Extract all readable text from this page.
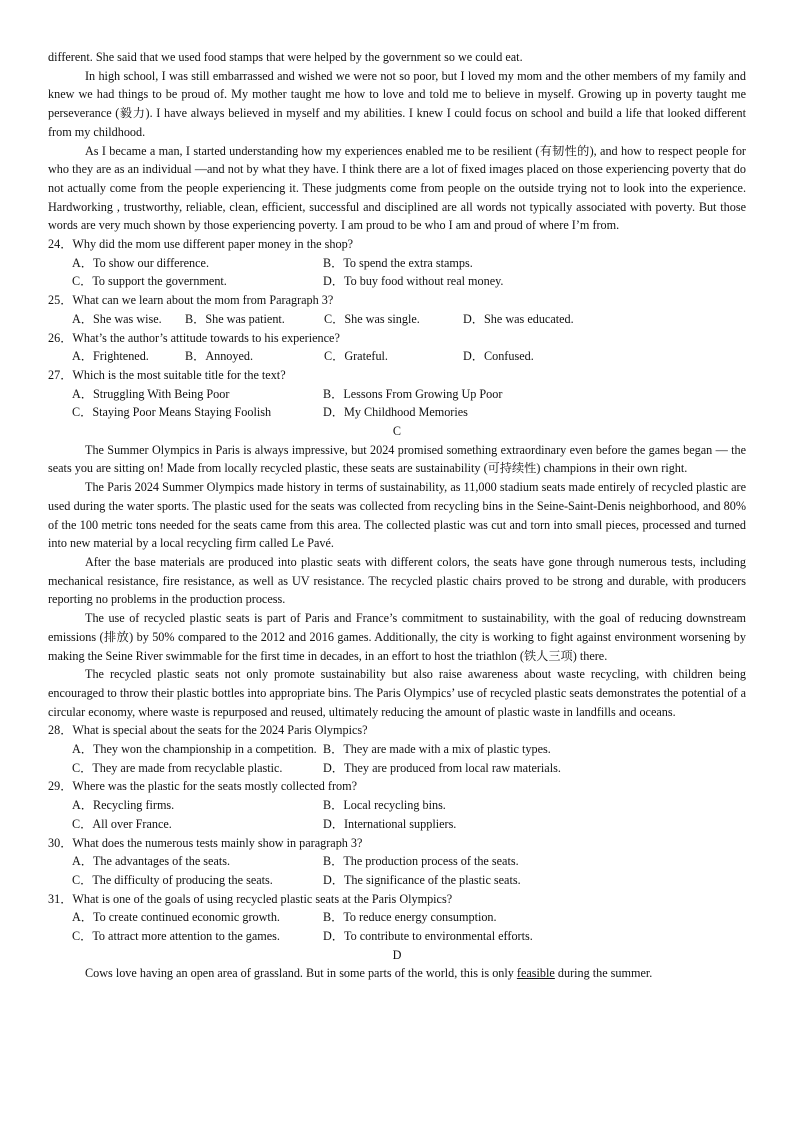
different. She said that we used food stamps that were helped by the government so we could eat.

In high school, I was still embarrassed and wished we were not so poor, but I loved my mom and the other members of my family and knew we had things to be proud of. My mother taught me how to love and told me to believe in myself. Growing up in poverty taught me perseverance (毅力). I have always believed in myself and my abilities. I knew I could focus on school and build a life that looked different from my childhood.

As I became a man, I started understanding how my experiences enabled me to be resilient (有韧性的), and how to respect people for who they are as an individual —and not by what they have. I think there are a lot of fixed images placed on those experiencing poverty that do not actually come from the people experiencing it. These judgments come from people on the outside trying not to look into the experience. Hardworking , trustworthy, reliable, clean, efficient, successful and disciplined are all words not typically associated with poverty. But those words are very much shown by those experiencing poverty. I am proud to be who I am and proud of where I’m from.

24．Why did the mom use different paper money in the shop?
A．To show our difference.	B．To spend the extra stamps.
C．To support the government.	D．To buy food without real money.
25．What can we learn about the mom from Paragraph 3?
A．She was wise.	B．She was patient.	C．She was single.	D．She was educated.
26．What’s the author’s attitude towards to his experience?
A．Frightened.	B．Annoyed.	C．Grateful.	D．Confused.
27．Which is the most suitable title for the text?
A．Struggling With Being Poor	B．Lessons From Growing Up Poor
C．Staying Poor Means Staying Foolish	D．My Childhood Memories
C

The Summer Olympics in Paris is always impressive, but 2024 promised something extraordinary even before the games began — the seats you are sitting on! Made from locally recycled plastic, these seats are sustainability (可持续性) champions in their own right.

The Paris 2024 Summer Olympics made history in terms of sustainability, as 11,000 stadium seats made entirely of recycled plastic are used during the water sports. The plastic used for the seats was collected from recycling bins in the Seine-Saint-Denis neighborhood, and 80% of the 100 metric tons needed for the seats came from this area. The collected plastic was cut and torn into small pieces, processed and turned into new material by a local recycling firm called Le Pavé.

After the base materials are produced into plastic seats with different colors, the seats have gone through numerous tests, including mechanical resistance, fire resistance, as well as UV resistance. The recycled plastic chairs proved to be strong and durable, with producers reporting no problems in the production process.

The use of recycled plastic seats is part of Paris and France’s commitment to sustainability, with the goal of reducing downstream emissions (排放) by 50% compared to the 2012 and 2016 games. Additionally, the city is working to fight against environment worsening by making the Seine River swimmable for the first time in decades, in an effort to host the triathlon (铁人三项) there.

The recycled plastic seats not only promote sustainability but also raise awareness about waste recycling, with children being encouraged to throw their plastic bottles into appropriate bins. The Paris Olympics’ use of recycled plastic seats demonstrates the potential of a circular economy, where waste is repurposed and reused, ultimately reducing the amount of plastic waste in landfills and oceans.

28．What is special about the seats for the 2024 Paris Olympics?
A．They won the championship in a competition. B．They are made with a mix of plastic types.
C．They are made from recyclable plastic.	D．They are produced from local raw materials.
29．Where was the plastic for the seats mostly collected from?
A．Recycling firms.	B．Local recycling bins.
C．All over France.	D．International suppliers.
30．What does the numerous tests mainly show in paragraph 3?
A．The advantages of the seats.	B．The production process of the seats.
C．The difficulty of producing the seats.	D．The significance of the plastic seats.
31．What is one of the goals of using recycled plastic seats at the Paris Olympics?
A．To create continued economic growth.	B．To reduce energy consumption.
C．To attract more attention to the games.	D．To contribute to environmental efforts.
D

Cows love having an open area of grassland. But in some parts of the world, this is only feasible during the summer.
